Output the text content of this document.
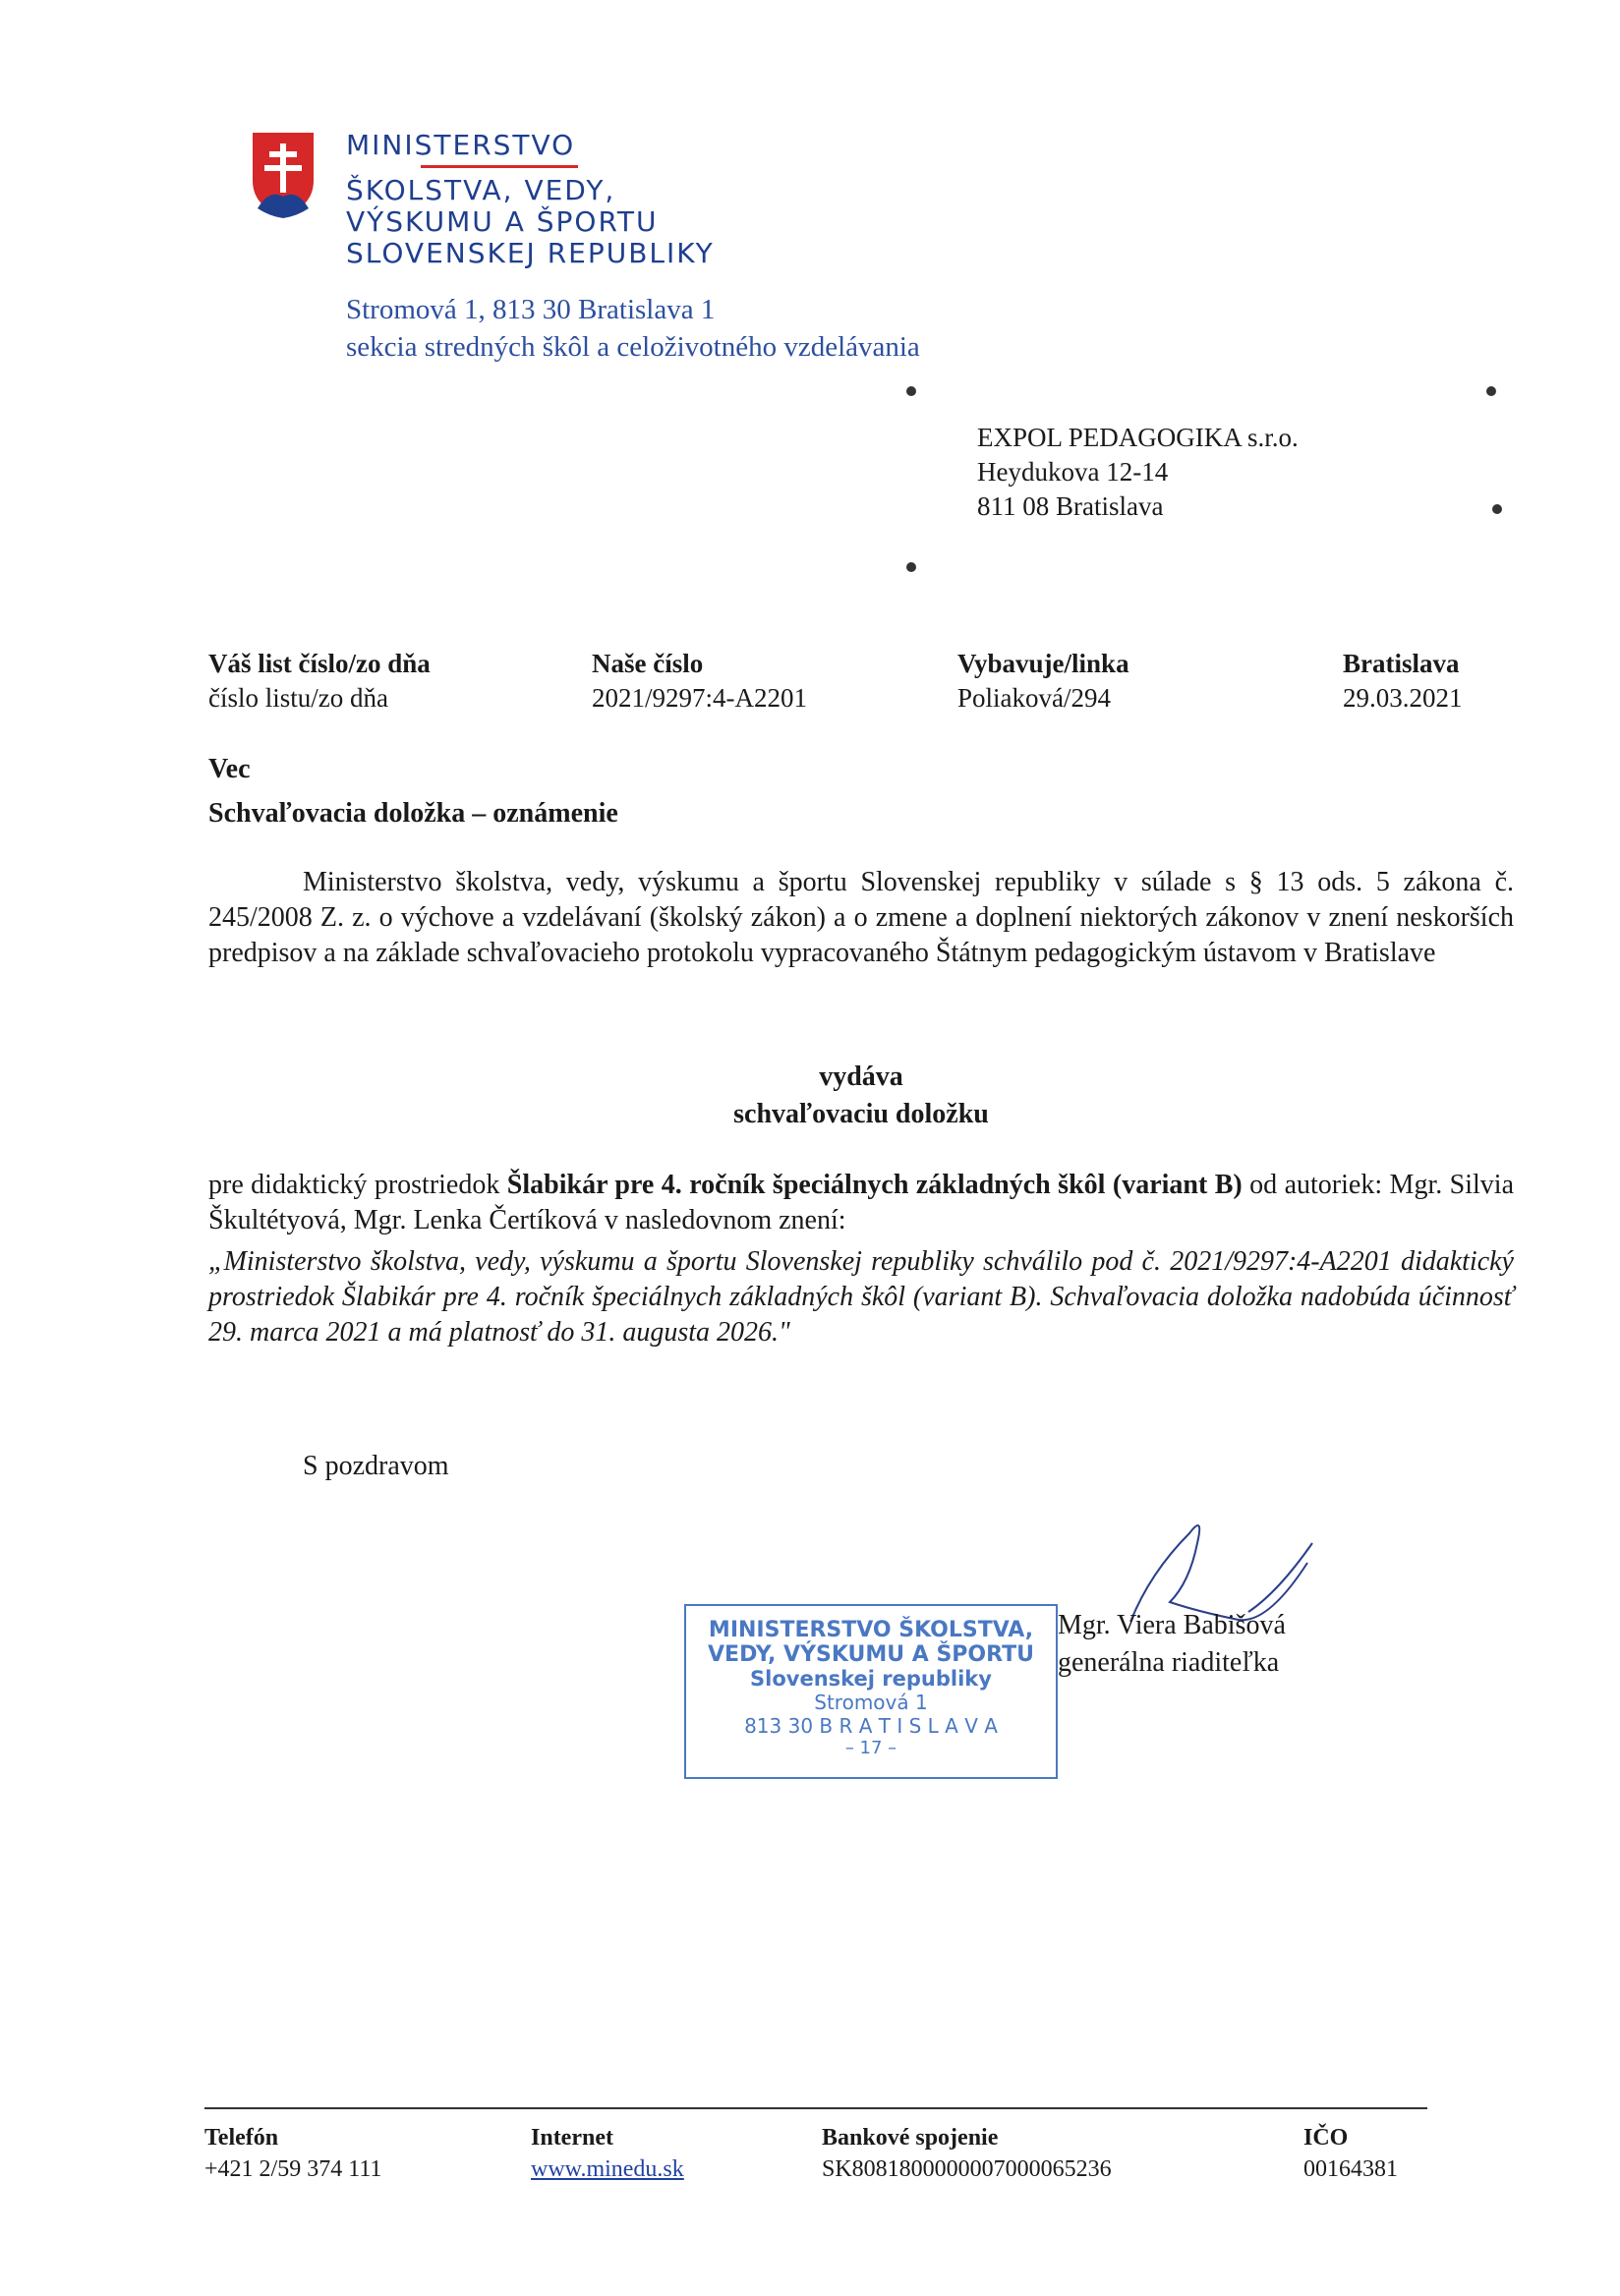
MINISTERSTVO
ŠKOLSTVA, VEDY,
VÝSKUMU A ŠPORTU
SLOVENSKEJ REPUBLIKY
Stromová 1, 813 30 Bratislava 1
sekcia stredných škôl a celoživotného vzdelávania
EXPOL PEDAGOGIKA s.r.o.
Heydukova 12-14
811 08 Bratislava
Váš list číslo/zo dňa
číslo listu/zo dňa
Naše číslo
2021/9297:4-A2201
Vybavuje/linka
Poliaková/294
Bratislava
29.03.2021
Vec
Schvaľovacia doložka – oznámenie
Ministerstvo školstva, vedy, výskumu a športu Slovenskej republiky v súlade s § 13 ods. 5 zákona č. 245/2008 Z. z. o výchove a vzdelávaní (školský zákon) a o zmene a doplnení niektorých zákonov v znení neskorších predpisov a na základe schvaľovacieho protokolu vypracovaného Štátnym pedagogickým ústavom v Bratislave
vydáva
schvaľovaciu doložku
pre didaktický prostriedok Šlabikár pre 4. ročník špeciálnych základných škôl (variant B) od autoriek: Mgr. Silvia Škultétyová, Mgr. Lenka Čertíková v nasledovnom znení:
„Ministerstvo školstva, vedy, výskumu a športu Slovenskej republiky schválilo pod č. 2021/9297:4-A2201 didaktický prostriedok Šlabikár pre 4. ročník špeciálnych základných škôl (variant B). Schvaľovacia doložka nadobúda účinnosť 29. marca 2021 a má platnosť do 31. augusta 2026."
S pozdravom
MINISTERSTVO ŠKOLSTVA,
VEDY, VÝSKUMU A ŠPORTU
Slovenskej republiky
Stromová 1
813 30 B R A T I S L A V A
– 17 –
Mgr. Viera Babišová
generálna riaditeľka
Telefón
+421 2/59 374 111
Internet
www.minedu.sk
Bankové spojenie
SK8081800000007000065236
IČO
00164381
